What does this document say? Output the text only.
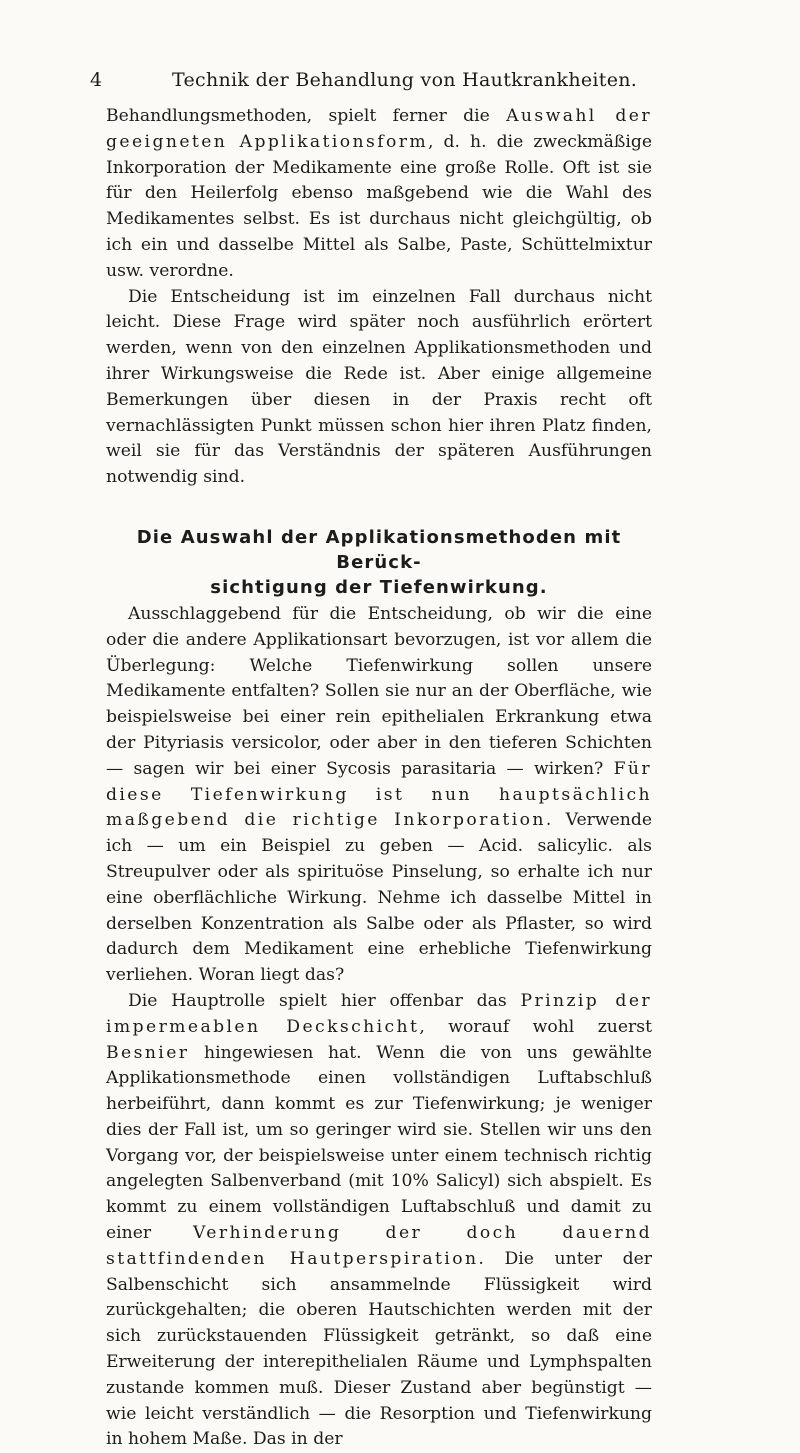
4	Technik der Behandlung von Hautkrankheiten.

Behandlungsmethoden, spielt ferner die Auswahl der geeigneten Applikationsform, d. h. die zweckmäßige Inkorporation der Medikamente eine große Rolle. Oft ist sie für den Heilerfolg ebenso maßgebend wie die Wahl des Medikamentes selbst. Es ist durchaus nicht gleichgültig, ob ich ein und dasselbe Mittel als Salbe, Paste, Schüttelmixtur usw. verordne.

Die Entscheidung ist im einzelnen Fall durchaus nicht leicht. Diese Frage wird später noch ausführlich erörtert werden, wenn von den einzelnen Applikationsmethoden und ihrer Wirkungsweise die Rede ist. Aber einige allgemeine Bemerkungen über diesen in der Praxis recht oft vernachlässigten Punkt müssen schon hier ihren Platz finden, weil sie für das Verständnis der späteren Ausführungen notwendig sind.

Die Auswahl der Applikationsmethoden mit Berück-
sichtigung der Tiefenwirkung.

Ausschlaggebend für die Entscheidung, ob wir die eine oder die andere Applikationsart bevorzugen, ist vor allem die Überlegung: Welche Tiefenwirkung sollen unsere Medikamente entfalten? Sollen sie nur an der Oberfläche, wie beispielsweise bei einer rein epithelialen Erkrankung etwa der Pityriasis versicolor, oder aber in den tieferen Schichten — sagen wir bei einer Sycosis parasitaria — wirken? Für diese Tiefenwirkung ist nun hauptsächlich maßgebend die richtige Inkorporation. Verwende ich — um ein Beispiel zu geben — Acid. salicylic. als Streupulver oder als spirituöse Pinselung, so erhalte ich nur eine oberflächliche Wirkung. Nehme ich dasselbe Mittel in derselben Konzentration als Salbe oder als Pflaster, so wird dadurch dem Medikament eine erhebliche Tiefenwirkung verliehen. Woran liegt das?

Die Hauptrolle spielt hier offenbar das Prinzip der impermeablen Deckschicht, worauf wohl zuerst Besnier hingewiesen hat. Wenn die von uns gewählte Applikationsmethode einen vollständigen Luftabschluß herbeiführt, dann kommt es zur Tiefenwirkung; je weniger dies der Fall ist, um so geringer wird sie. Stellen wir uns den Vorgang vor, der beispielsweise unter einem technisch richtig angelegten Salbenverband (mit 10% Salicyl) sich abspielt. Es kommt zu einem vollständigen Luftabschluß und damit zu einer Verhinderung der doch dauernd stattfindenden Hautperspiration. Die unter der Salbenschicht sich ansammelnde Flüssigkeit wird zurückgehalten; die oberen Hautschichten werden mit der sich zurückstauenden Flüssigkeit getränkt, so daß eine Erweiterung der interepithelialen Räume und Lymphspalten zustande kommen muß. Dieser Zustand aber begünstigt — wie leicht verständlich — die Resorption und Tiefenwirkung in hohem Maße. Das in der
